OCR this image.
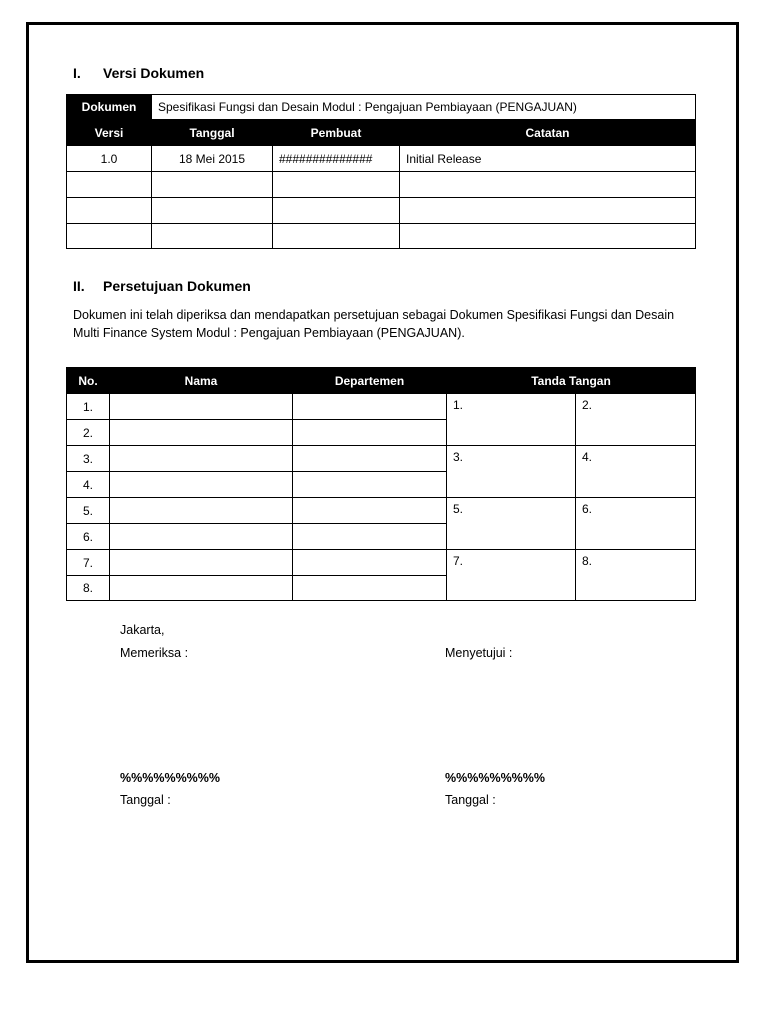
I. Versi Dokumen
Dokumen	Spesifikasi Fungsi dan Desain Modul : Pengajuan Pembiayaan (PENGAJUAN)		
Versi	Tanggal	Pembuat	Catatan
1.0	18 Mei 2015	##############	Initial Release

II. Persetujuan Dokumen

Dokumen ini telah diperiksa dan mendapatkan persetujuan sebagai Dokumen Spesifikasi Fungsi dan Desain Multi Finance System Modul : Pengajuan Pembiayaan (PENGAJUAN).

No.	Nama	Departemen	Tanda Tangan	
1.			1.	2.
2.				
3.			3.	4.
4.				
5.			5.	6.
6.				
7.			7.	8.
8.				

Jakarta,

Memeriksa :	Menyetujui :

%%%%%%%%%	%%%%%%%%%

Tanggal :	Tanggal :
